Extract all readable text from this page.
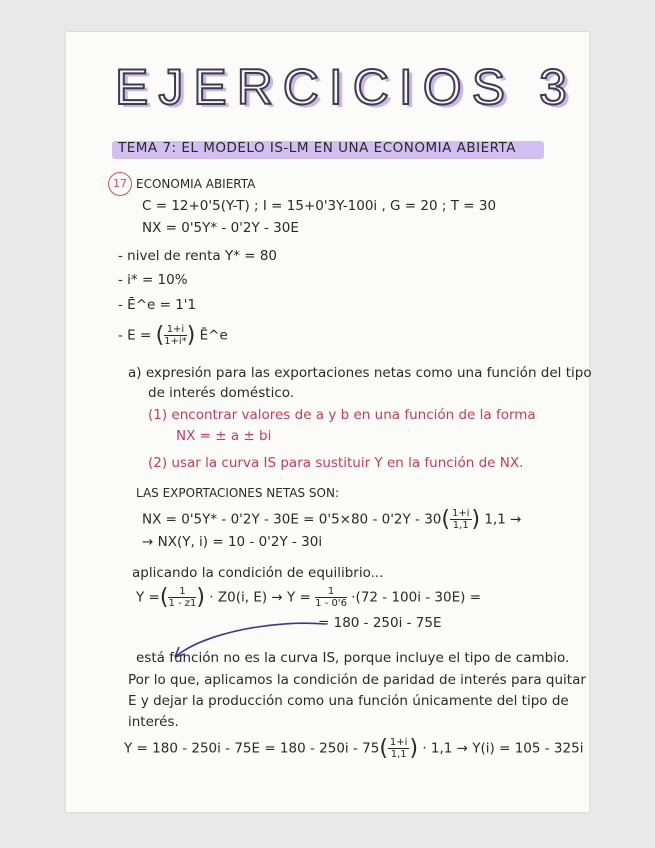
EJERCICIOS 3
TEMA 7: EL MODELO IS-LM EN UNA ECONOMIA ABIERTA
17 ECONOMIA ABIERTA
C = 12+0'5(Y-T) ; I = 15+0'3Y-100i , G = 20 ; T = 30
NX = 0'5Y* - 0'2Y - 30E
- nivel de renta Y* = 80
- i* = 10%
- Ē^e = 1'1
- E = ( $\frac{1+i}{1+i*}$ ) Ē^e
a) expresión para las exportaciones netas como una función del tipo
de interés doméstico.
(1) encontrar valores de a y b en una función de la forma
NX = ± a ± bi
(2) usar la curva IS para sustituir Y en la función de NX.
LAS EXPORTACIONES NETAS SON:
NX = $0'5Y* - 0'2Y - 30E = 0'5\times 80 - 0'2Y - 30( \frac{1+i}{1,1}$ ) 1,1 →
→ NX(Y, i) = 10 - 0'2Y - 30i
aplicando la condición de equilibrio...
Y =( $\frac{1}{1 - z1}$ ) · Z0(i, $E) \to Y = \frac{1}{1 - 0'6} \cdot(72 - 100i - 30E)$ =
= 180 - 250i - 75E
está función no es la curva IS, porque incluye el tipo de cambio.
Por lo que, aplicamos la condición de paridad de interés para quitar
E y dejar la producción como una función únicamente del tipo de
interés.
$Y = 180 - 250i - 75E = 180 - 250i - 75( \frac{1+i}{1,1}$ ) · 1,1 → Y(i) = 105 - 325i
